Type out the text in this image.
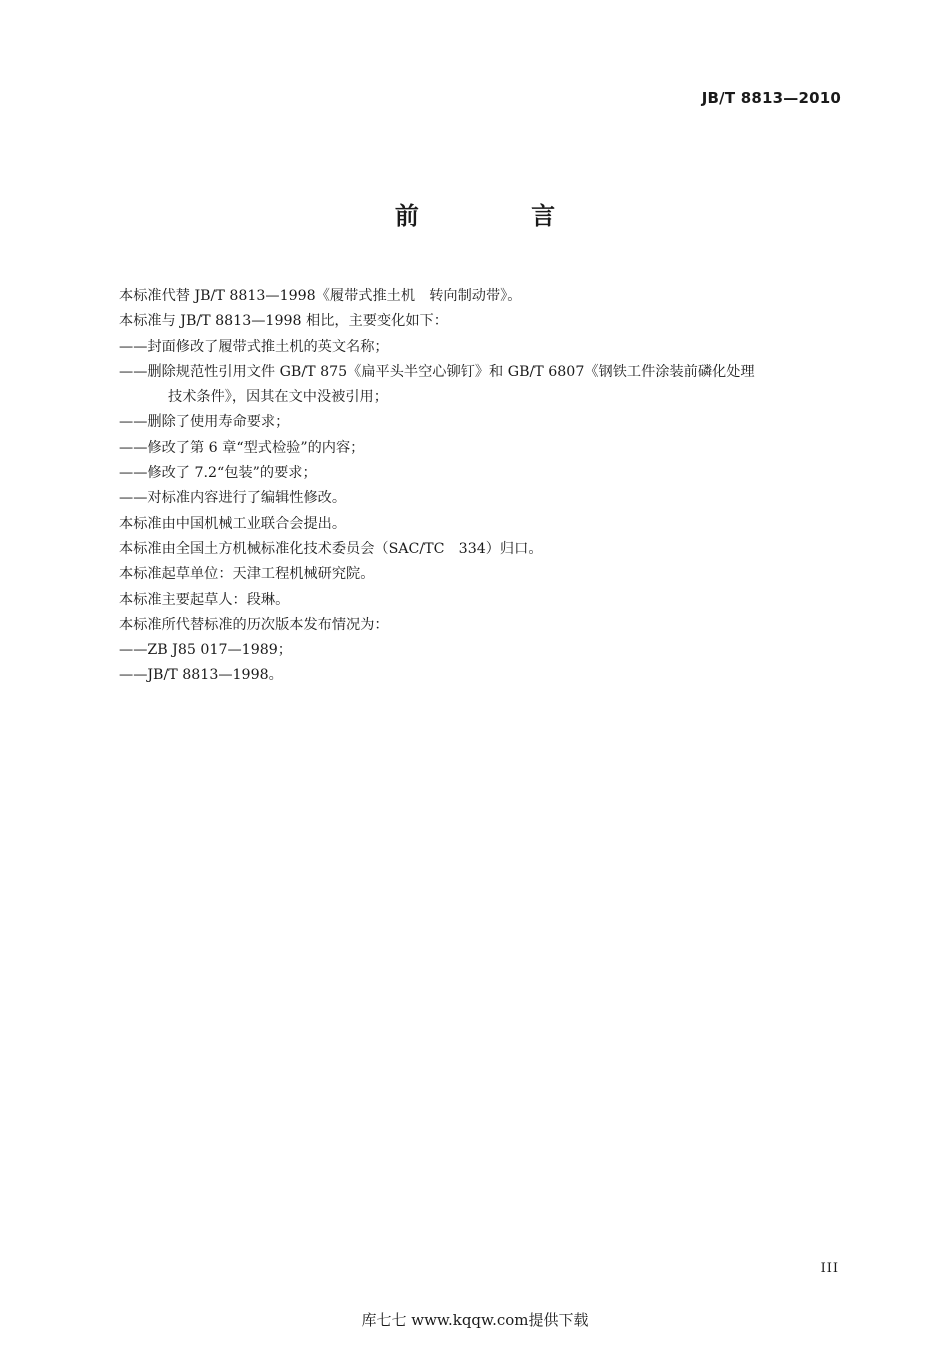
JB/T 8813—2010
前 言
本标准代替 JB/T 8813—1998《履带式推土机　转向制动带》。
本标准与 JB/T 8813—1998 相比，主要变化如下：
——封面修改了履带式推土机的英文名称；
——删除规范性引用文件 GB/T 875《扁平头半空心铆钉》和 GB/T 6807《钢铁工件涂装前磷化处理
技术条件》，因其在文中没被引用；
——删除了使用寿命要求；
——修改了第 6 章“型式检验”的内容；
——修改了 7.2“包装”的要求；
——对标准内容进行了编辑性修改。
本标准由中国机械工业联合会提出。
本标准由全国土方机械标准化技术委员会（SAC/TC　334）归口。
本标准起草单位：天津工程机械研究院。
本标准主要起草人：段琳。
本标准所代替标准的历次版本发布情况为：
——ZB J85 017—1989；
——JB/T 8813—1998。
III
库七七 www.kqqw.com提供下载
